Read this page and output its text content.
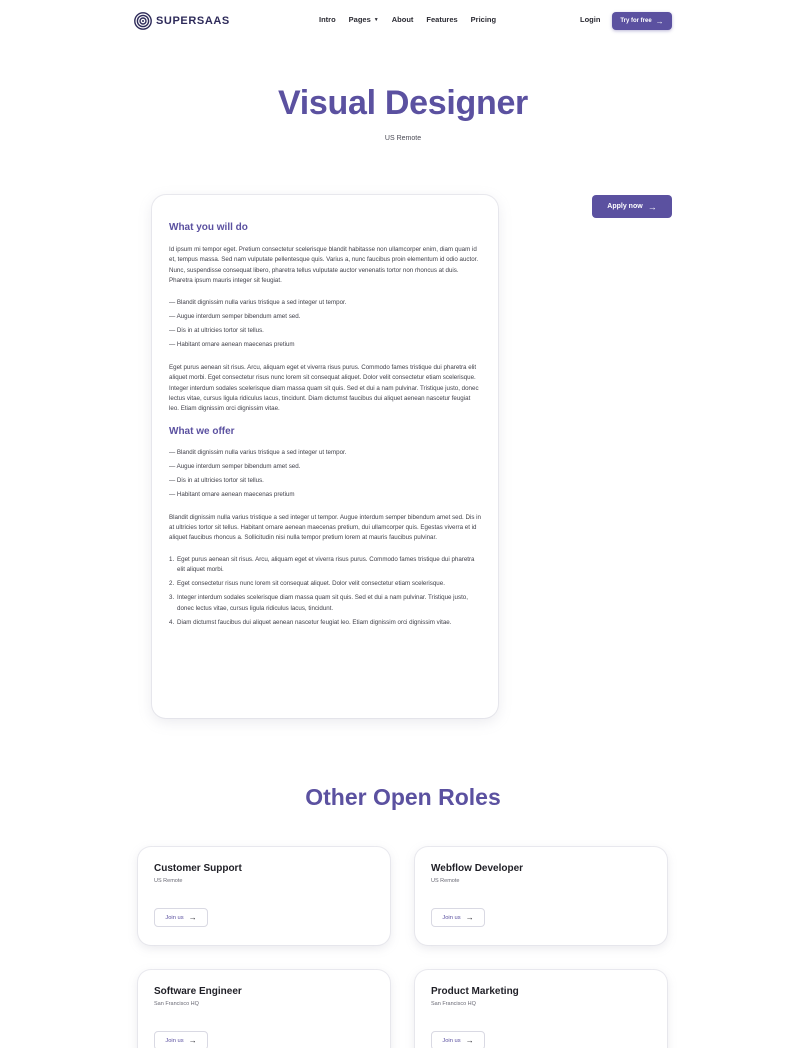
SUPERSAAS	Intro Pages ▼ About Features Pricing	Login	Try for free →
Visual Designer
US Remote
Apply now →
What you will do

Id ipsum mi tempor eget. Pretium consectetur scelerisque blandit habitasse non ullamcorper enim, diam quam id et, tempus massa. Sed nam vulputate pellentesque quis. Varius a, nunc faucibus proin elementum id odio auctor.

Nunc, suspendisse consequat libero, pharetra tellus vulputate auctor venenatis tortor non rhoncus at duis. Pharetra ipsum mauris integer sit feugiat.

— Blandit dignissim nulla varius tristique a sed integer ut tempor.
— Augue interdum semper bibendum amet sed.
— Dis in at ultricies tortor sit tellus.
— Habitant ornare aenean maecenas pretium

Eget purus aenean sit risus. Arcu, aliquam eget et viverra risus purus. Commodo fames tristique dui pharetra elit aliquet morbi. Eget consectetur risus nunc lorem sit consequat aliquet. Dolor velit consectetur etiam scelerisque. Integer interdum sodales scelerisque diam massa quam sit quis. Sed et dui a nam pulvinar. Tristique justo, donec lectus vitae, cursus ligula ridiculus lacus, tincidunt. Diam dictumst faucibus dui aliquet aenean nascetur feugiat leo. Etiam dignissim orci dignissim vitae.

What we offer
— Blandit dignissim nulla varius tristique a sed integer ut tempor.
— Augue interdum semper bibendum amet sed.
— Dis in at ultricies tortor sit tellus.
— Habitant ornare aenean maecenas pretium

Blandit dignissim nulla varius tristique a sed integer ut tempor. Augue interdum semper bibendum amet sed. Dis in at ultricies tortor sit tellus. Habitant ornare aenean maecenas pretium, dui ullamcorper quis. Egestas viverra et id aliquet faucibus rhoncus a. Sollicitudin nisi nulla tempor pretium lorem at mauris faucibus pulvinar.

1. Eget purus aenean sit risus. Arcu, aliquam eget et viverra risus purus. Commodo fames tristique dui pharetra elit aliquet morbi.
2. Eget consectetur risus nunc lorem sit consequat aliquet. Dolor velit consectetur etiam scelerisque.
3. Integer interdum sodales scelerisque diam massa quam sit quis. Sed et dui a nam pulvinar. Tristique justo, donec lectus vitae, cursus ligula ridiculus lacus, tincidunt.
4. Diam dictumst faucibus dui aliquet aenean nascetur feugiat leo. Etiam dignissim orci dignissim vitae.
Other Open Roles
Customer Support
US Remote
Join us →
Webflow Developer
US Remote
Join us →
Software Engineer
San Francisco HQ
Join us →
Product Marketing
San Francisco HQ
Join us →
